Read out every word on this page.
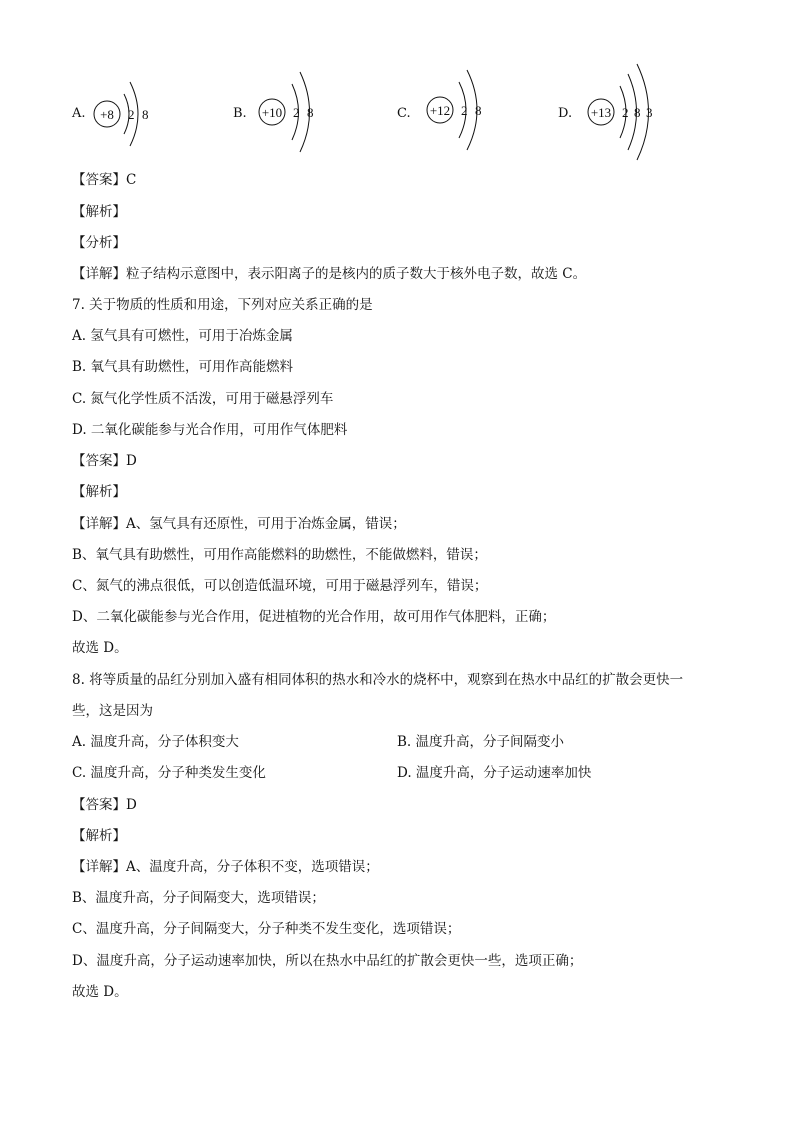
A. +8 2 8	B. +10 2 8	C. +12 2 8	D. +13 2 8 3
【答案】C
【解析】
【分析】
【详解】粒子结构示意图中，表示阳离子的是核内的质子数大于核外电子数，故选 C。
7. 关于物质的性质和用途，下列对应关系正确的是
A. 氢气具有可燃性，可用于冶炼金属
B. 氧气具有助燃性，可用作高能燃料
C. 氮气化学性质不活泼，可用于磁悬浮列车
D. 二氧化碳能参与光合作用，可用作气体肥料
【答案】D
【解析】
【详解】A、氢气具有还原性，可用于冶炼金属，错误；
B、氧气具有助燃性，可用作高能燃料的助燃性，不能做燃料，错误；
C、氮气的沸点很低，可以创造低温环境，可用于磁悬浮列车，错误；
D、二氧化碳能参与光合作用，促进植物的光合作用，故可用作气体肥料，正确；
故选 D。
8. 将等质量的品红分别加入盛有相同体积的热水和冷水的烧杯中，观察到在热水中品红的扩散会更快一
些，这是因为
A. 温度升高，分子体积变大	B. 温度升高，分子间隔变小
C. 温度升高，分子种类发生变化	D. 温度升高，分子运动速率加快
【答案】D
【解析】
【详解】A、温度升高，分子体积不变，选项错误；
B、温度升高，分子间隔变大，选项错误；
C、温度升高，分子间隔变大，分子种类不发生变化，选项错误；
D、温度升高，分子运动速率加快，所以在热水中品红的扩散会更快一些，选项正确；
故选 D。
